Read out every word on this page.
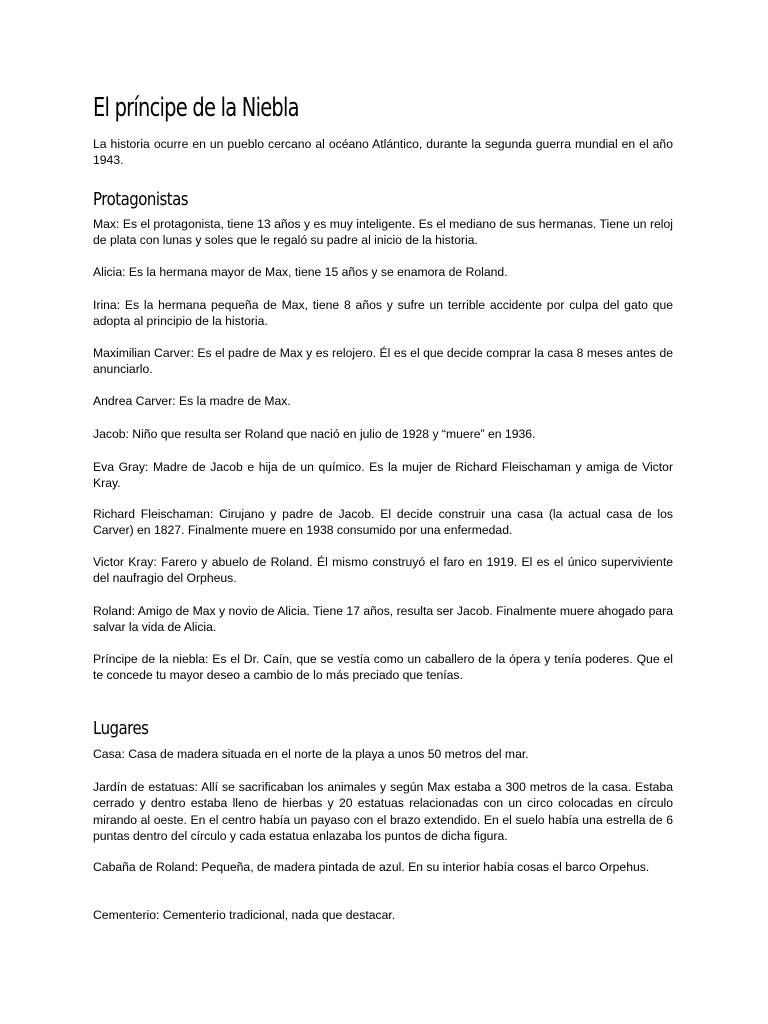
El príncipe de la Niebla

La historia ocurre en un pueblo cercano al océano Atlántico, durante la segunda guerra mundial en el año 1943.

Protagonistas

Max: Es el protagonista, tiene 13 años y es muy inteligente. Es el mediano de sus hermanas. Tiene un reloj de plata con lunas y soles que le regaló su padre al inicio de la historia.

Alicia: Es la hermana mayor de Max, tiene 15 años y se enamora de Roland.

Irina: Es la hermana pequeña de Max, tiene 8 años y sufre un terrible accidente por culpa del gato que adopta al principio de la historia.

Maximilian Carver: Es el padre de Max y es relojero. Él es el que decide comprar la casa 8 meses antes de anunciarlo.

Andrea Carver: Es la madre de Max.

Jacob: Niño que resulta ser Roland que nació en julio de 1928 y “muere” en 1936.

Eva Gray: Madre de Jacob e hija de un químico. Es la mujer de Richard Fleischaman y amiga de Victor Kray.

Richard Fleischaman: Cirujano y padre de Jacob. El decide construir una casa (la actual casa de los Carver) en 1827. Finalmente muere en 1938 consumido por una enfermedad.

Victor Kray: Farero y abuelo de Roland. Él mismo construyó el faro en 1919. El es el único superviviente del naufragio del Orpheus.

Roland: Amigo de Max y novio de Alicia. Tiene 17 años, resulta ser Jacob. Finalmente muere ahogado para salvar la vida de Alicia.

Príncipe de la niebla: Es el Dr. Caín, que se vestía como un caballero de la ópera y tenía poderes. Que el te concede tu mayor deseo a cambio de lo más preciado que tenías.

Lugares

Casa: Casa de madera situada en el norte de la playa a unos 50 metros del mar.

Jardín de estatuas: Allí se sacrificaban los animales y según Max estaba a 300 metros de la casa. Estaba cerrado y dentro estaba lleno de hierbas y 20 estatuas relacionadas con un circo colocadas en círculo mirando al oeste. En el centro había un payaso con el brazo extendido. En el suelo había una estrella de 6 puntas dentro del círculo y cada estatua enlazaba los puntos de dicha figura.

Cabaña de Roland: Pequeña, de madera pintada de azul. En su interior había cosas el barco Orpehus.

Cementerio: Cementerio tradicional, nada que destacar.
